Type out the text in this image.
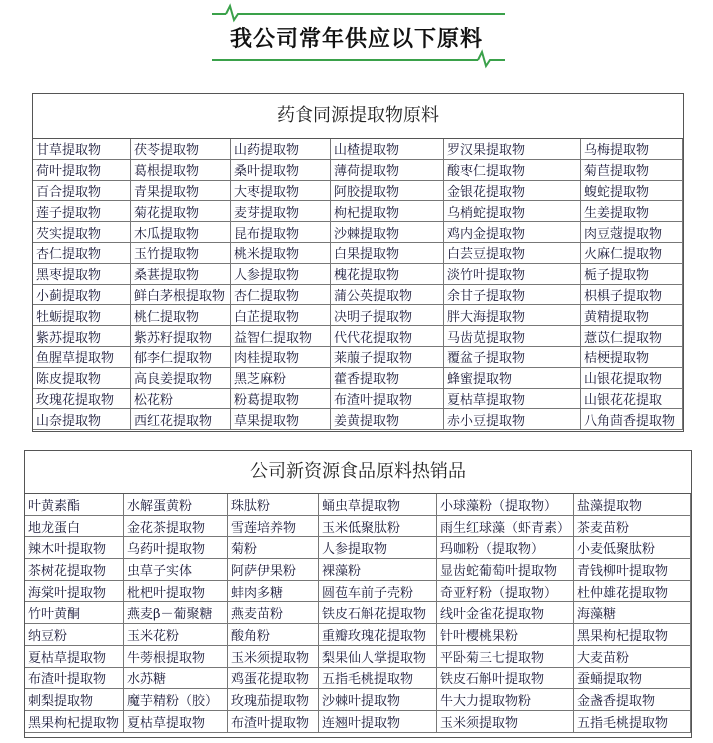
我公司常年供应以下原料
药食同源提取物原料
甘草提取物	茯苓提取物	山药提取物	山楂提取物	罗汉果提取物	乌梅提取物
荷叶提取物	葛根提取物	桑叶提取物	薄荷提取物	酸枣仁提取物	菊苣提取物
百合提取物	青果提取物	大枣提取物	阿胶提取物	金银花提取物	蝮蛇提取物
莲子提取物	菊花提取物	麦芽提取物	枸杞提取物	乌梢蛇提取物	生姜提取物
芡实提取物	木瓜提取物	昆布提取物	沙棘提取物	鸡内金提取物	肉豆蔻提取物
杏仁提取物	玉竹提取物	桃米提取物	白果提取物	白芸豆提取物	火麻仁提取物
黑枣提取物	桑葚提取物	人参提取物	槐花提取物	淡竹叶提取物	栀子提取物
小蓟提取物	鲜白茅根提取物 杏仁提取物	蒲公英提取物	余甘子提取物	枳椇子提取物
牡蛎提取物	桃仁提取物	白芷提取物	决明子提取物	胖大海提取物	黄精提取物
紫苏提取物	紫苏籽提取物	益智仁提取物	代代花提取物	马齿苋提取物	薏苡仁提取物
鱼腥草提取物	郁李仁提取物	肉桂提取物	莱菔子提取物	覆盆子提取物	桔梗提取物
陈皮提取物	高良姜提取物	黑芝麻粉	藿香提取物	蜂蜜提取物	山银花提取物
玫瑰花提取物	松花粉	粉葛提取物	布渣叶提取物	夏枯草提取物	山银花花提取
山奈提取物	西红花提取物	草果提取物	姜黄提取物	赤小豆提取物	八角茴香提取物
公司新资源食品原料热销品
叶黄素酯	水解蛋黄粉	珠肽粉	蛹虫草提取物	小球藻粉（提取物）	盐藻提取物
地龙蛋白	金花茶提取物	雪莲培养物	玉米低聚肽粉	雨生红球藻（虾青素） 茶麦苗粉
辣木叶提取物	乌药叶提取物	菊粉	人参提取物	玛咖粉（提取物）	小麦低聚肽粉
茶树花提取物	虫草子实体	阿萨伊果粉	裸藻粉	显齿蛇葡萄叶提取物	青钱柳叶提取物
海棠叶提取物	枇杷叶提取物	蚌肉多糖	圆苞车前子壳粉	奇亚籽粉（提取物）	杜仲雄花提取物
竹叶黄酮	燕麦β－葡聚糖	燕麦苗粉	铁皮石斛花提取物	线叶金雀花提取物	海藻糖
纳豆粉	玉米花粉	酸角粉	重瓣玫瑰花提取物	针叶樱桃果粉	黑果枸杞提取物
夏枯草提取物	牛蒡根提取物	玉米须提取物 梨果仙人掌提取物	平卧菊三七提取物	大麦苗粉
布渣叶提取物	水苏糖	鸡蛋花提取物 五指毛桃提取物	铁皮石斛叶提取物	蚕蛹提取物
刺梨提取物	魔芋精粉（胶） 玫瑰茄提取物 沙棘叶提取物	牛大力提取物粉	金盏香提取物
黑果枸杞提取物 夏枯草提取物	布渣叶提取物 连翘叶提取物	玉米须提取物	五指毛桃提取物
